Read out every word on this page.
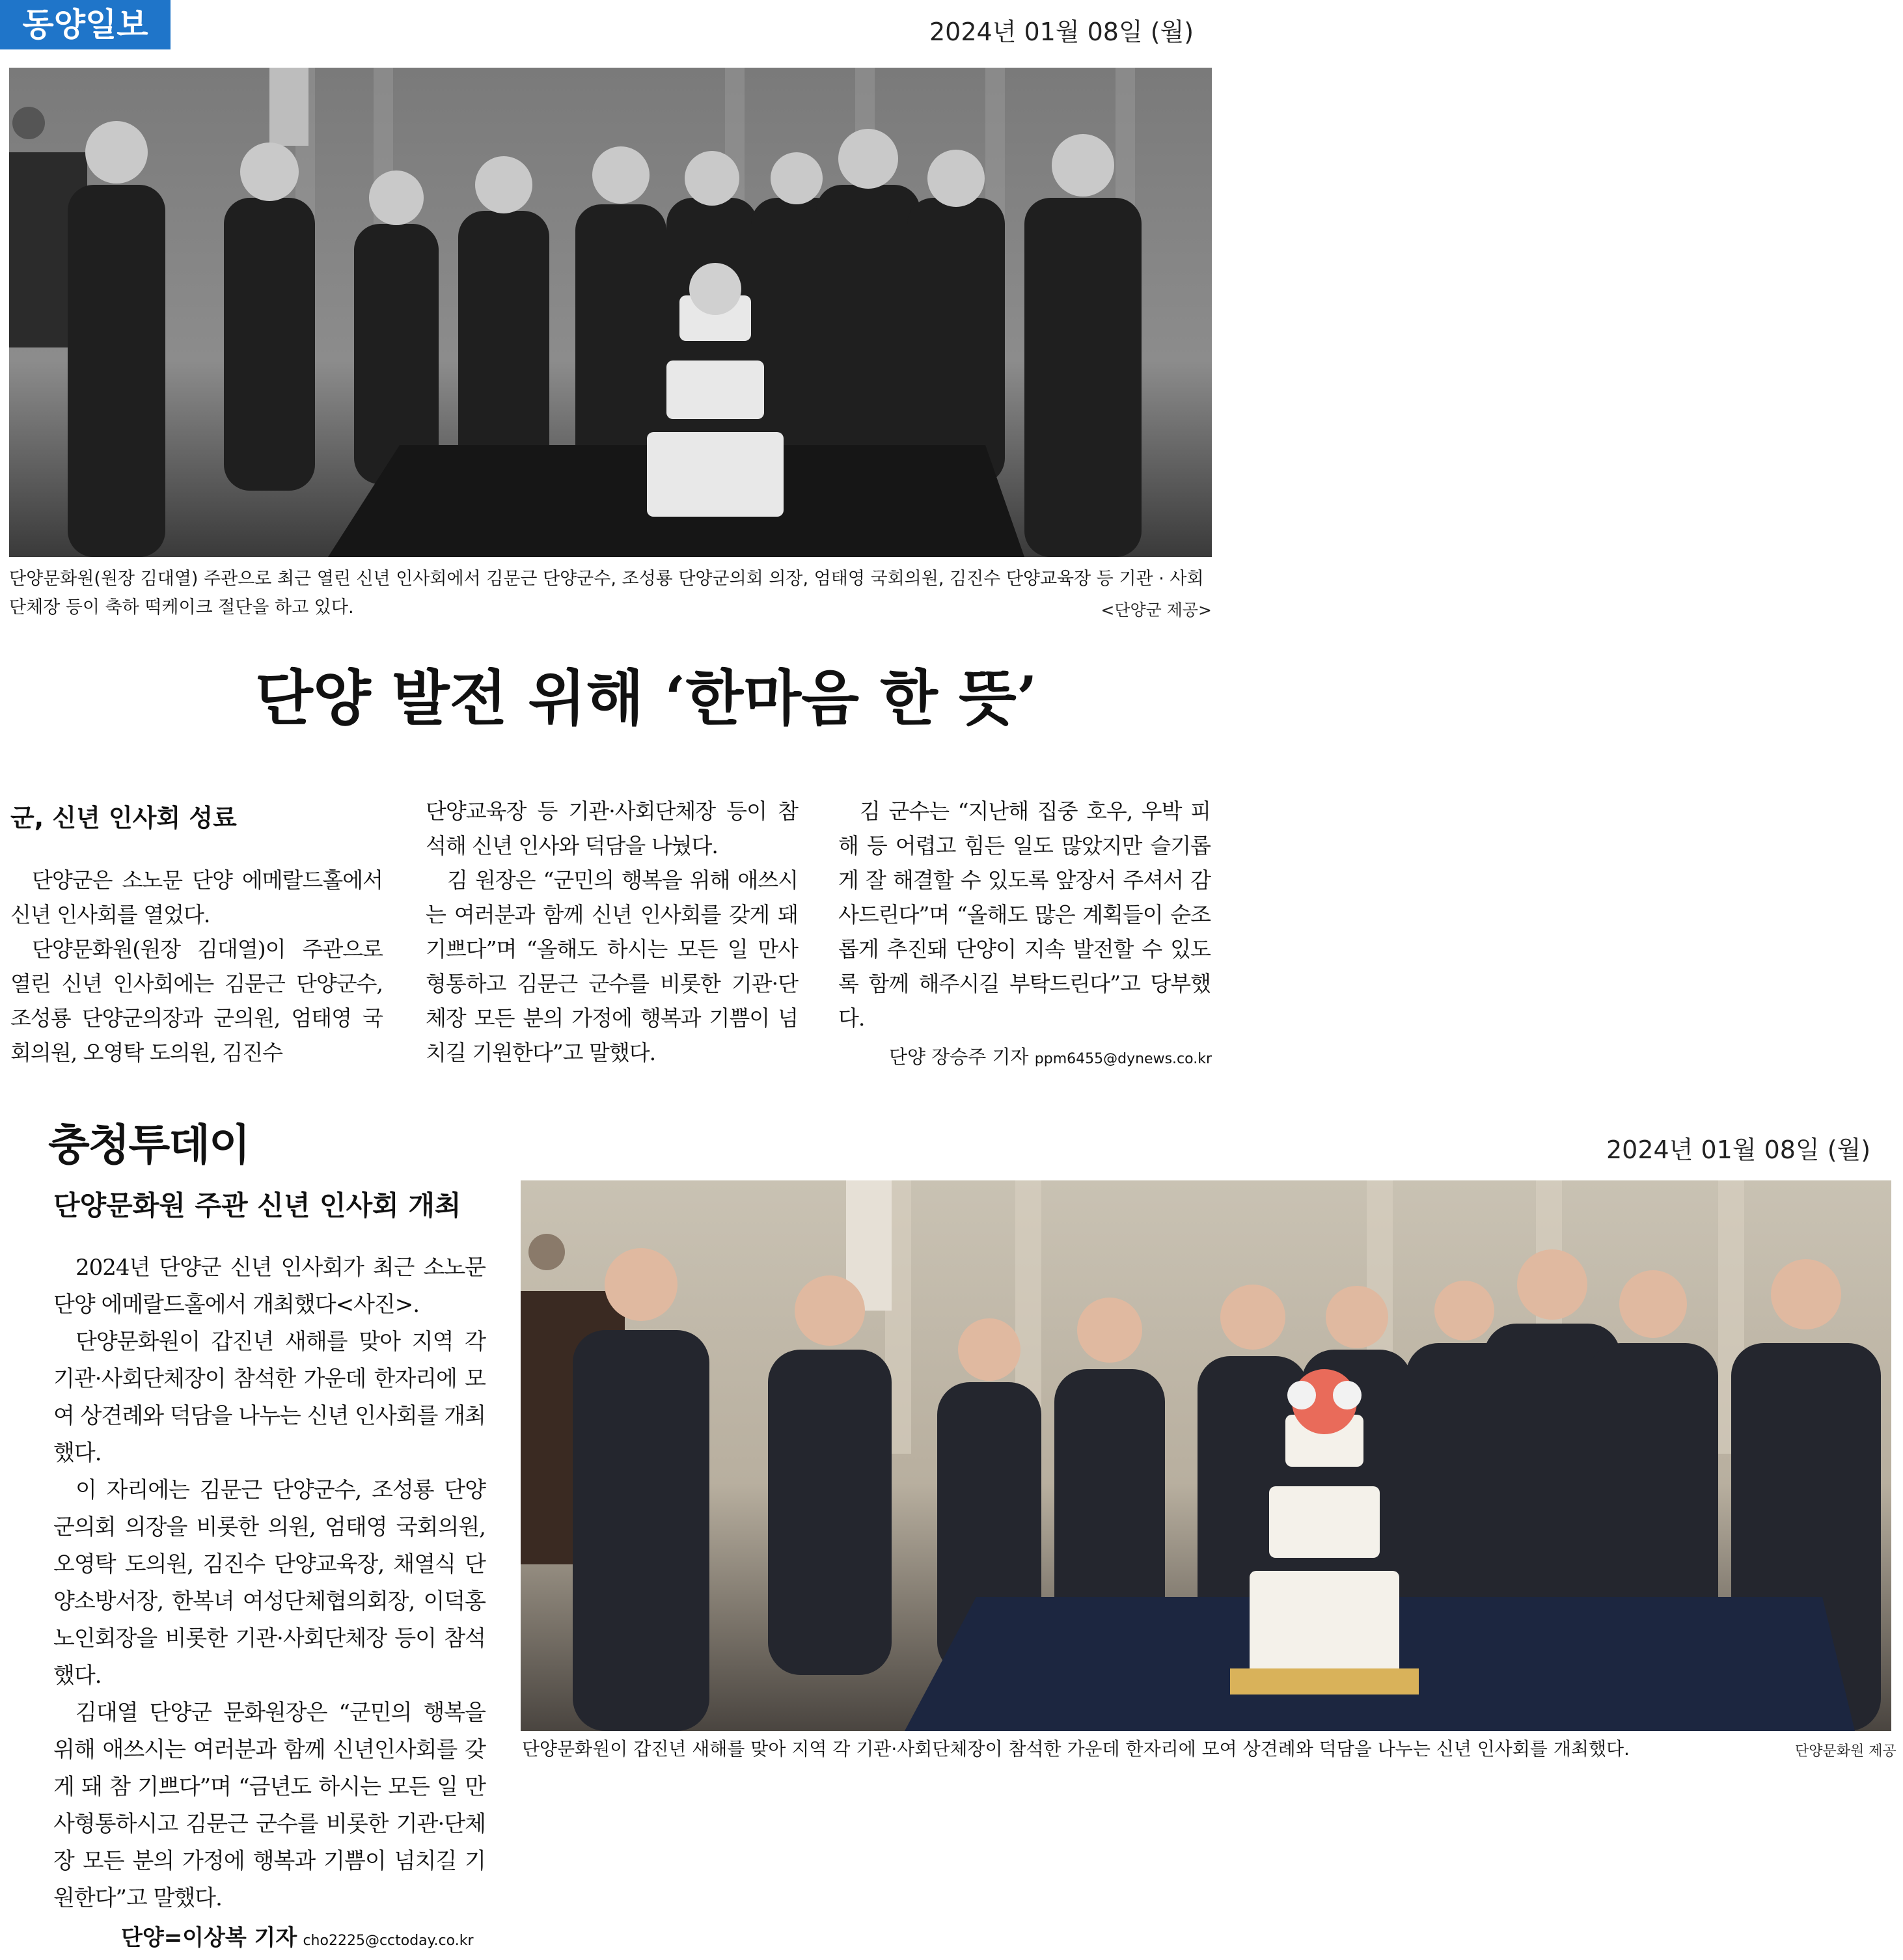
동양일보	2024년 01월 08일 (월)
단양문화원(원장 김대열) 주관으로 최근 열린 신년 인사회에서 김문근 단양군수, 조성룡 단양군의회 의장, 엄태영 국회의원, 김진수 단양교육장 등 기관 · 사회단체장 등이 축하 떡케이크 절단을 하고 있다.	<단양군 제공>
단양 발전 위해 ‘한마음 한 뜻’
군, 신년 인사회 성료

단양군은 소노문 단양 에메랄드홀에서 신년 인사회를 열었다.

단양문화원(원장 김대열)이 주관으로 열린 신년 인사회에는 김문근 단양군수, 조성룡 단양군의장과 군의원, 엄태영 국회의원, 오영탁 도의원, 김진수

단양교육장 등 기관·사회단체장 등이 참석해 신년 인사와 덕담을 나눴다.

김 원장은 “군민의 행복을 위해 애쓰시는 여러분과 함께 신년 인사회를 갖게 돼 기쁘다”며 “올해도 하시는 모든 일 만사형통하고 김문근 군수를 비롯한 기관·단체장 모든 분의 가정에 행복과 기쁨이 넘치길 기원한다”고 말했다.

김 군수는 “지난해 집중 호우, 우박 피해 등 어렵고 힘든 일도 많았지만 슬기롭게 잘 해결할 수 있도록 앞장서 주셔서 감사드린다”며 “올해도 많은 계획들이 순조롭게 추진돼 단양이 지속 발전할 수 있도록 함께 해주시길 부탁드린다”고 당부했다.

단양 장승주 기자 ppm6455@dynews.co.kr
충청투데이	2024년 01월 08일 (월)
단양문화원 주관 신년 인사회 개최

2024년 단양군 신년 인사회가 최근 소노문 단양 에메랄드홀에서 개최했다<사진>.

단양문화원이 갑진년 새해를 맞아 지역 각 기관·사회단체장이 참석한 가운데 한자리에 모여 상견례와 덕담을 나누는 신년 인사회를 개최했다.

이 자리에는 김문근 단양군수, 조성룡 단양군의회 의장을 비롯한 의원, 엄태영 국회의원, 오영탁 도의원, 김진수 단양교육장, 채열식 단양소방서장, 한복녀 여성단체협의회장, 이덕홍 노인회장을 비롯한 기관·사회단체장 등이 참석했다.

김대열 단양군 문화원장은 “군민의 행복을 위해 애쓰시는 여러분과 함께 신년인사회를 갖게 돼 참 기쁘다”며 “금년도 하시는 모든 일 만사형통하시고 김문근 군수를 비롯한 기관·단체장 모든 분의 가정에 행복과 기쁨이 넘치길 기원한다”고 말했다.

단양=이상복 기자 cho2225@cctoday.co.kr
단양문화원이 갑진년 새해를 맞아 지역 각 기관·사회단체장이 참석한 가운데 한자리에 모여 상견례와 덕담을 나누는 신년 인사회를 개최했다.	단양문화원 제공
